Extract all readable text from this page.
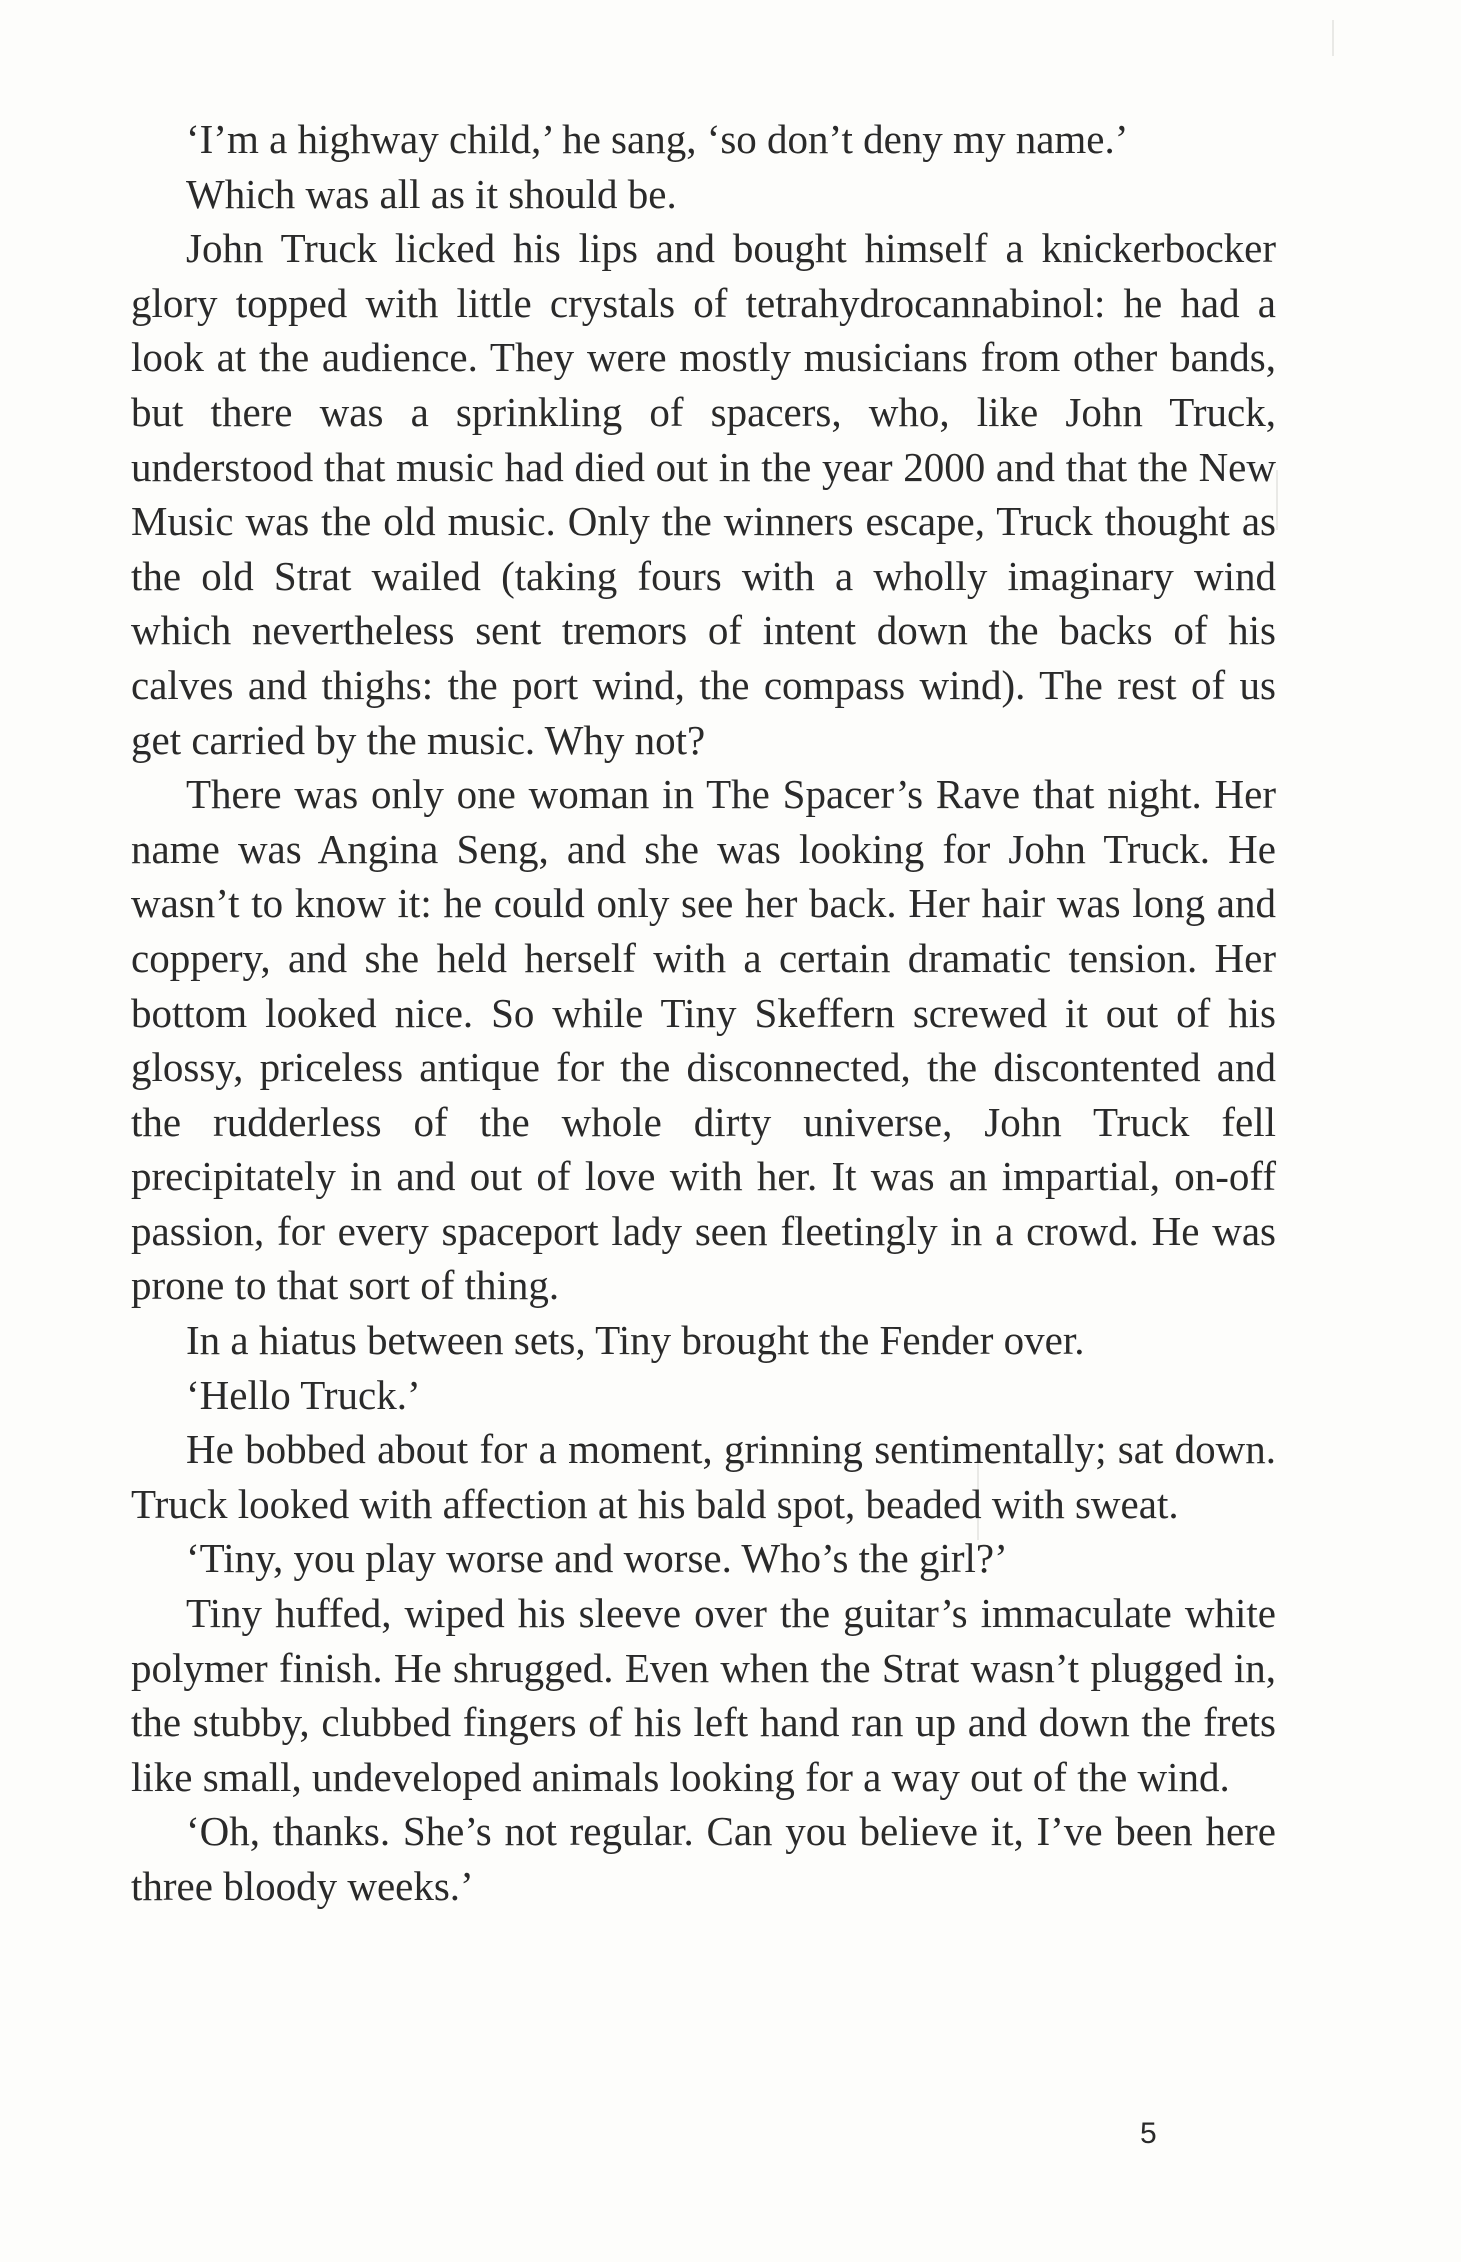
‘I’m a highway child,’ he sang, ‘so don’t deny my name.’

Which was all as it should be.

John Truck licked his lips and bought himself a knickerbocker glory topped with little crystals of tetrahydrocannabinol: he had a look at the audience. They were mostly musicians from other bands, but there was a sprinkling of spacers, who, like John Truck, understood that music had died out in the year 2000 and that the New Music was the old music. Only the winners escape, Truck thought as the old Strat wailed (taking fours with a wholly imaginary wind which nevertheless sent tremors of intent down the backs of his calves and thighs: the port wind, the compass wind). The rest of us get carried by the music. Why not?

There was only one woman in The Spacer’s Rave that night. Her name was Angina Seng, and she was looking for John Truck. He wasn’t to know it: he could only see her back. Her hair was long and coppery, and she held herself with a certain dramatic tension. Her bottom looked nice. So while Tiny Skeffern screwed it out of his glossy, priceless antique for the disconnected, the discontented and the rudderless of the whole dirty universe, John Truck fell precipitately in and out of love with her. It was an impartial, on-off passion, for every spaceport lady seen fleetingly in a crowd. He was prone to that sort of thing.

In a hiatus between sets, Tiny brought the Fender over.

‘Hello Truck.’

He bobbed about for a moment, grinning sentimentally; sat down. Truck looked with affection at his bald spot, beaded with sweat.

‘Tiny, you play worse and worse. Who’s the girl?’

Tiny huffed, wiped his sleeve over the guitar’s immaculate white polymer finish. He shrugged. Even when the Strat wasn’t plugged in, the stubby, clubbed fingers of his left hand ran up and down the frets like small, undeveloped animals looking for a way out of the wind.

‘Oh, thanks. She’s not regular. Can you believe it, I’ve been here three bloody weeks.’

5
